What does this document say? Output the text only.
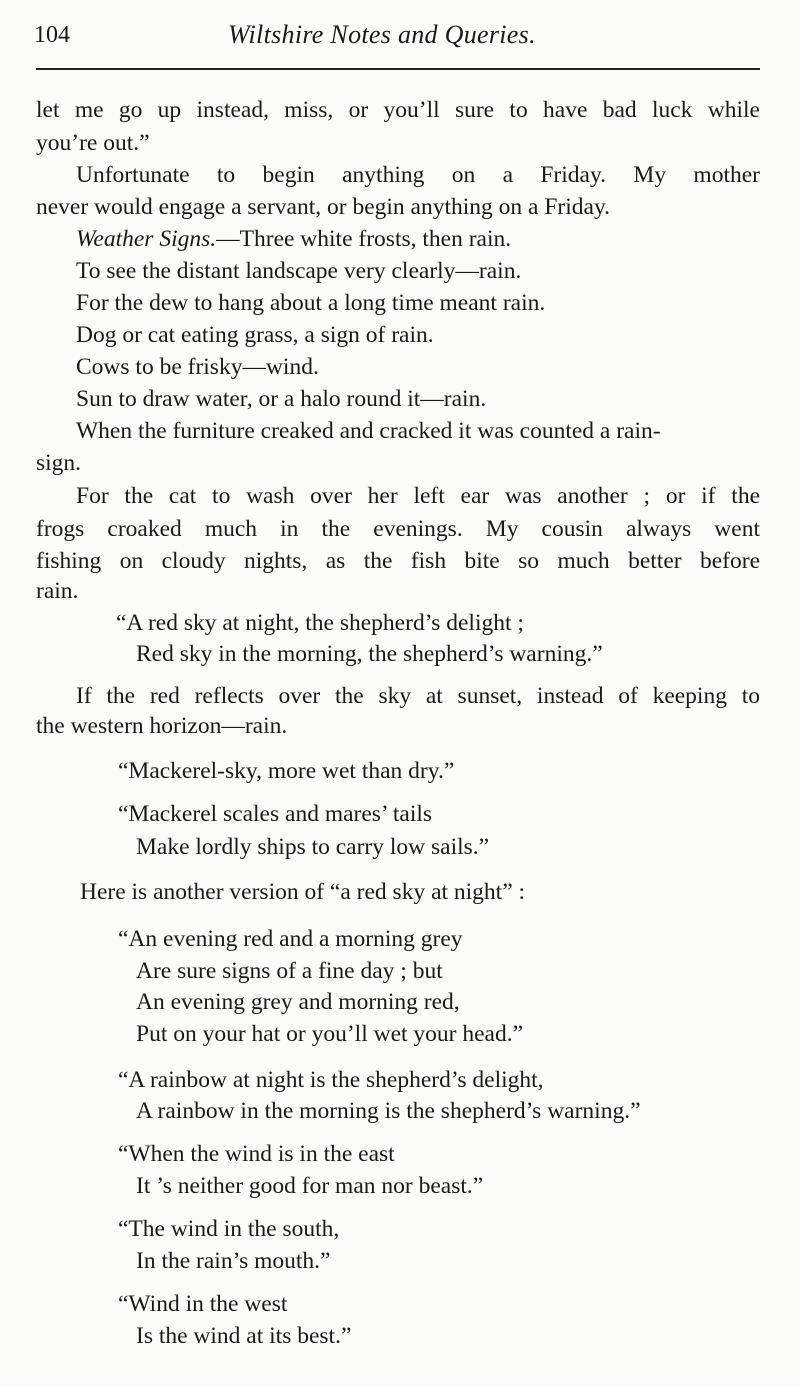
104	Wiltshire Notes and Queries.
let me go up instead, miss, or you’ll sure to have bad luck while
you’re out.”
Unfortunate to begin anything on a Friday. My mother
never would engage a servant, or begin anything on a Friday.
Weather Signs.—Three white frosts, then rain.
To see the distant landscape very clearly—rain.
For the dew to hang about a long time meant rain.
Dog or cat eating grass, a sign of rain.
Cows to be frisky—wind.
Sun to draw water, or a halo round it—rain.
When the furniture creaked and cracked it was counted a rain-
sign.
For the cat to wash over her left ear was another ; or if the
frogs croaked much in the evenings. My cousin always went
fishing on cloudy nights, as the fish bite so much better before
rain.
“A red sky at night, the shepherd’s delight ;
Red sky in the morning, the shepherd’s warning.”
If the red reflects over the sky at sunset, instead of keeping to
the western horizon—rain.
“Mackerel-sky, more wet than dry.”
“Mackerel scales and mares’ tails
Make lordly ships to carry low sails.”
Here is another version of “a red sky at night” :
“An evening red and a morning grey
Are sure signs of a fine day ; but
An evening grey and morning red,
Put on your hat or you’ll wet your head.”
“A rainbow at night is the shepherd’s delight,
A rainbow in the morning is the shepherd’s warning.”
“When the wind is in the east
It ’s neither good for man nor beast.”
“The wind in the south,
In the rain’s mouth.”
“Wind in the west
Is the wind at its best.”
